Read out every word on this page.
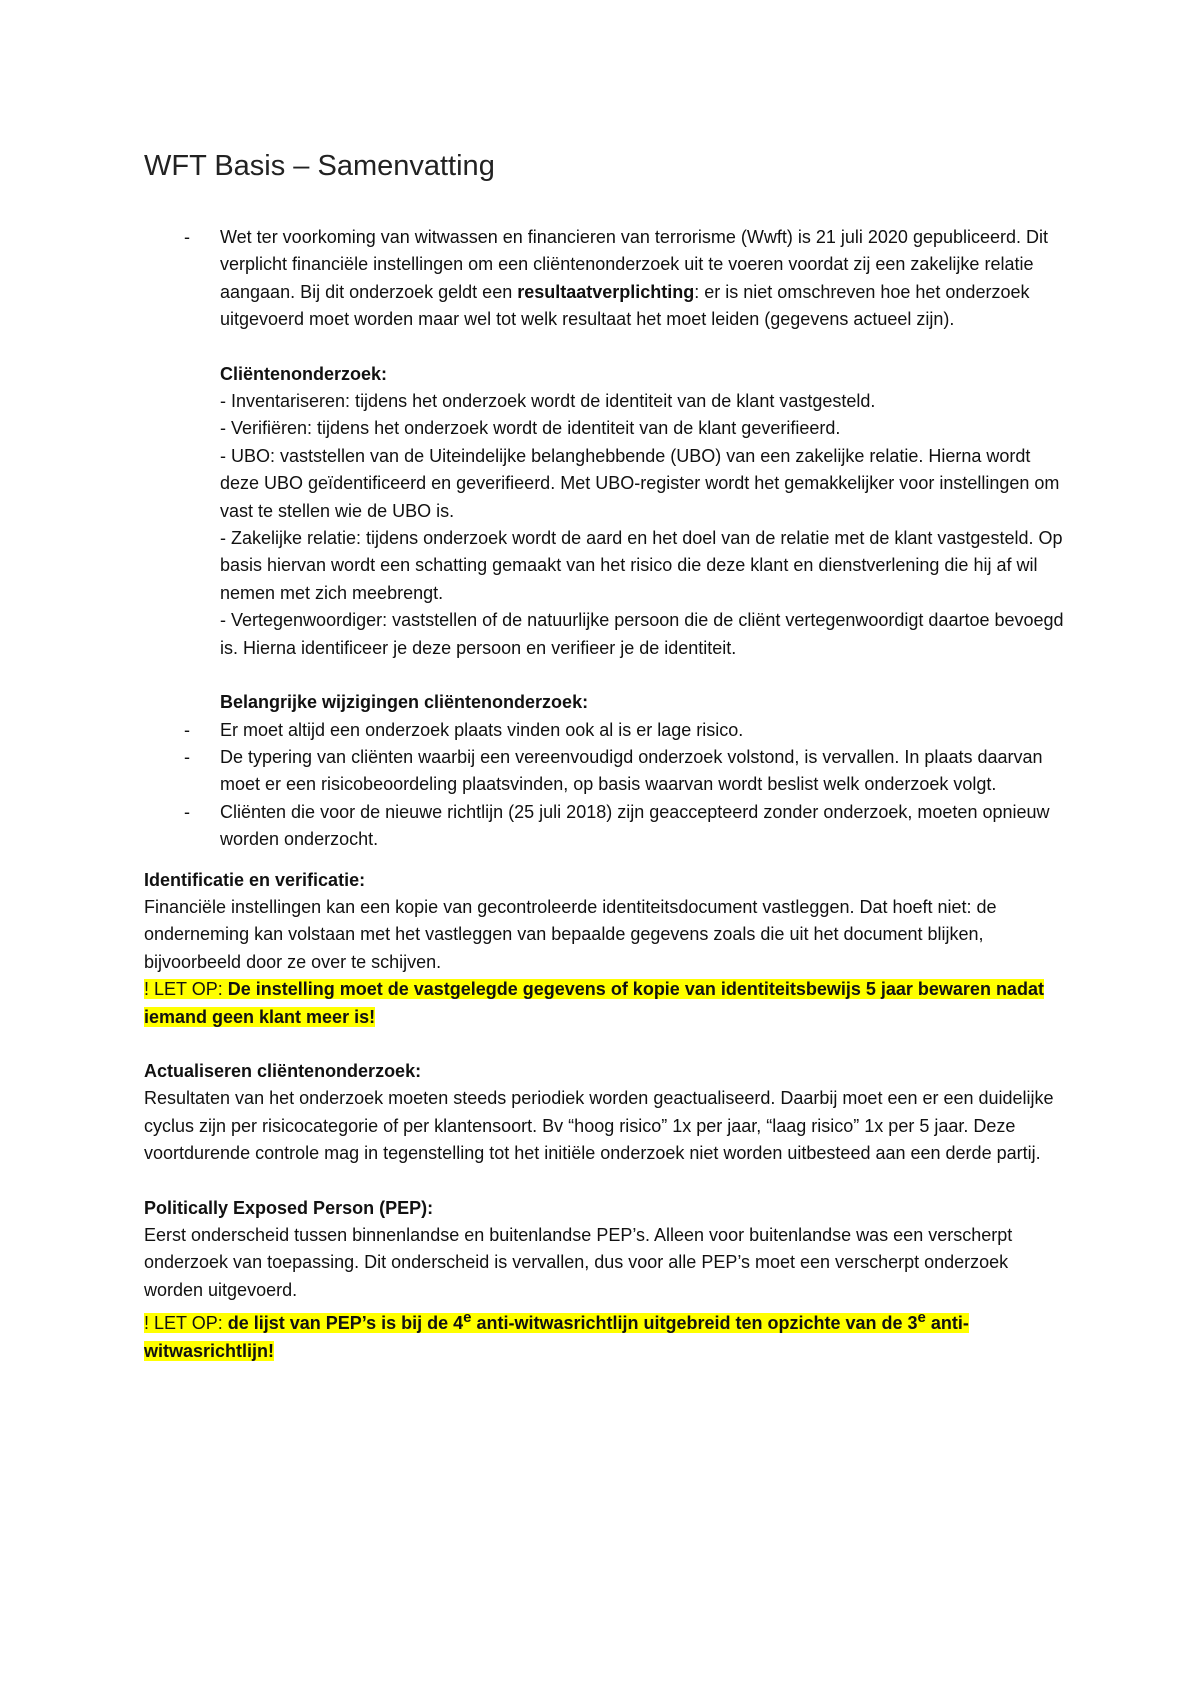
WFT Basis – Samenvatting
- Wet ter voorkoming van witwassen en financieren van terrorisme (Wwft) is 21 juli 2020 gepubliceerd. Dit verplicht financiële instellingen om een cliëntenonderzoek uit te voeren voordat zij een zakelijke relatie aangaan. Bij dit onderzoek geldt een resultaatverplichting: er is niet omschreven hoe het onderzoek uitgevoerd moet worden maar wel tot welk resultaat het moet leiden (gegevens actueel zijn).
Cliëntenonderzoek:
- Inventariseren: tijdens het onderzoek wordt de identiteit van de klant vastgesteld.
- Verifiëren: tijdens het onderzoek wordt de identiteit van de klant geverifieerd.
- UBO: vaststellen van de Uiteindelijke belanghebbende (UBO) van een zakelijke relatie. Hierna wordt deze UBO geïdentificeerd en geverifieerd. Met UBO-register wordt het gemakkelijker voor instellingen om vast te stellen wie de UBO is.
- Zakelijke relatie: tijdens onderzoek wordt de aard en het doel van de relatie met de klant vastgesteld. Op basis hiervan wordt een schatting gemaakt van het risico die deze klant en dienstverlening die hij af wil nemen met zich meebrengt.
- Vertegenwoordiger: vaststellen of de natuurlijke persoon die de cliënt vertegenwoordigt daartoe bevoegd is. Hierna identificeer je deze persoon en verifieer je de identiteit.
Belangrijke wijzigingen cliëntenonderzoek:
- Er moet altijd een onderzoek plaats vinden ook al is er lage risico.
- De typering van cliënten waarbij een vereenvoudigd onderzoek volstond, is vervallen. In plaats daarvan moet er een risicobeoordeling plaatsvinden, op basis waarvan wordt beslist welk onderzoek volgt.
- Cliënten die voor de nieuwe richtlijn (25 juli 2018) zijn geaccepteerd zonder onderzoek, moeten opnieuw worden onderzocht.
Identificatie en verificatie:
Financiële instellingen kan een kopie van gecontroleerde identiteitsdocument vastleggen. Dat hoeft niet: de onderneming kan volstaan met het vastleggen van bepaalde gegevens zoals die uit het document blijken, bijvoorbeeld door ze over te schijven.
! LET OP: De instelling moet de vastgelegde gegevens of kopie van identiteitsbewijs 5 jaar bewaren nadat iemand geen klant meer is!
Actualiseren cliëntenonderzoek:
Resultaten van het onderzoek moeten steeds periodiek worden geactualiseerd. Daarbij moet een er een duidelijke cyclus zijn per risicocategorie of per klantensoort. Bv “hoog risico” 1x per jaar, “laag risico” 1x per 5 jaar. Deze voortdurende controle mag in tegenstelling tot het initiële onderzoek niet worden uitbesteed aan een derde partij.
Politically Exposed Person (PEP):
Eerst onderscheid tussen binnenlandse en buitenlandse PEP’s. Alleen voor buitenlandse was een verscherpt onderzoek van toepassing. Dit onderscheid is vervallen, dus voor alle PEP’s moet een verscherpt onderzoek worden uitgevoerd.
! LET OP: de lijst van PEP’s is bij de 4e anti-witwasrichtlijn uitgebreid ten opzichte van de 3e anti-witwasrichtlijn!
